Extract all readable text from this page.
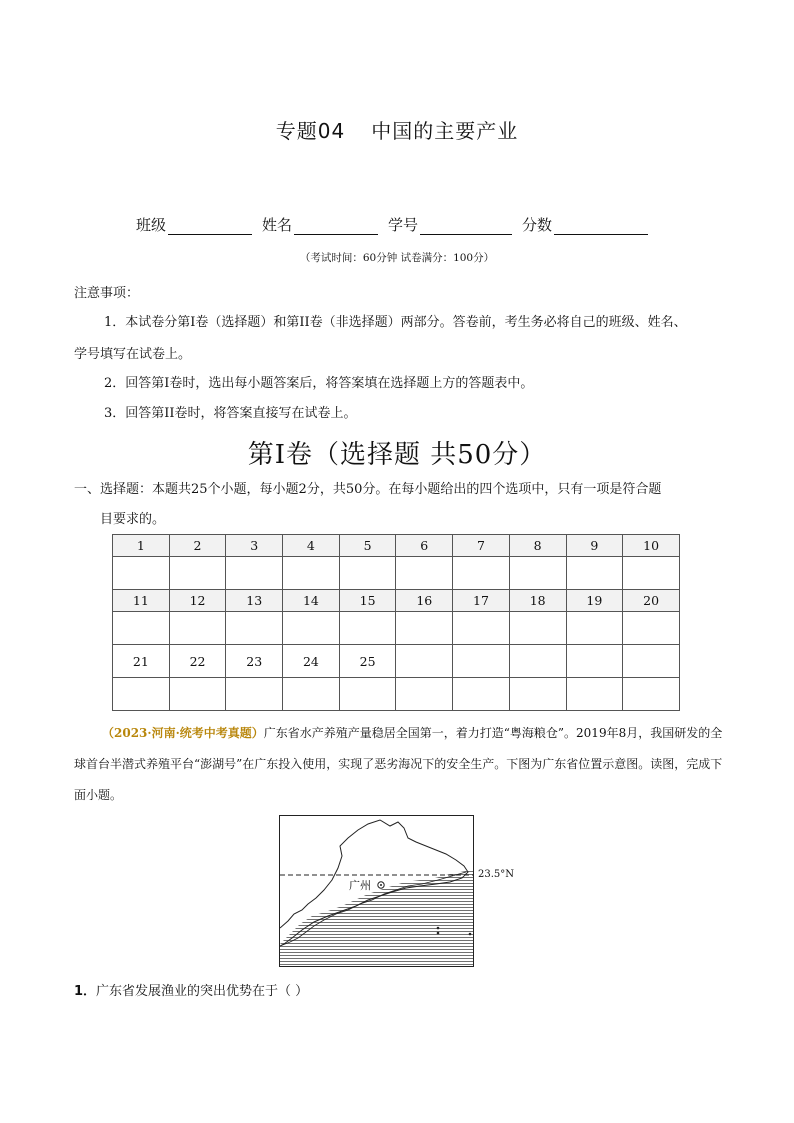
专题04 中国的主要产业
班级	姓名	学号	分数
（考试时间：60分钟 试卷满分：100分）
注意事项：
1．本试卷分第I卷（选择题）和第II卷（非选择题）两部分。答卷前，考生务必将自己的班级、姓名、
学号填写在试卷上。
2．回答第I卷时，选出每小题答案后，将答案填在选择题上方的答题表中。
3．回答第II卷时，将答案直接写在试卷上。
第I卷（选择题 共50分）
一、选择题：本题共25个小题，每小题2分，共50分。在每小题给出的四个选项中，只有一项是符合题
目要求的。
1	2	3	4	5	6	7	8	9	10

11	12	13	14	15	16	17	18	19	20

21	22	23	24	25					

（2023·河南·统考中考真题）广东省水产养殖产量稳居全国第一，着力打造“粤海粮仓”。2019年8月，我国研发的全球首台半潜式养殖平台“澎湖号”在广东投入使用，实现了恶劣海况下的安全生产。下图为广东省位置示意图。读图，完成下面小题。
广州
23.5°N
1．广东省发展渔业的突出优势在于（ ）
